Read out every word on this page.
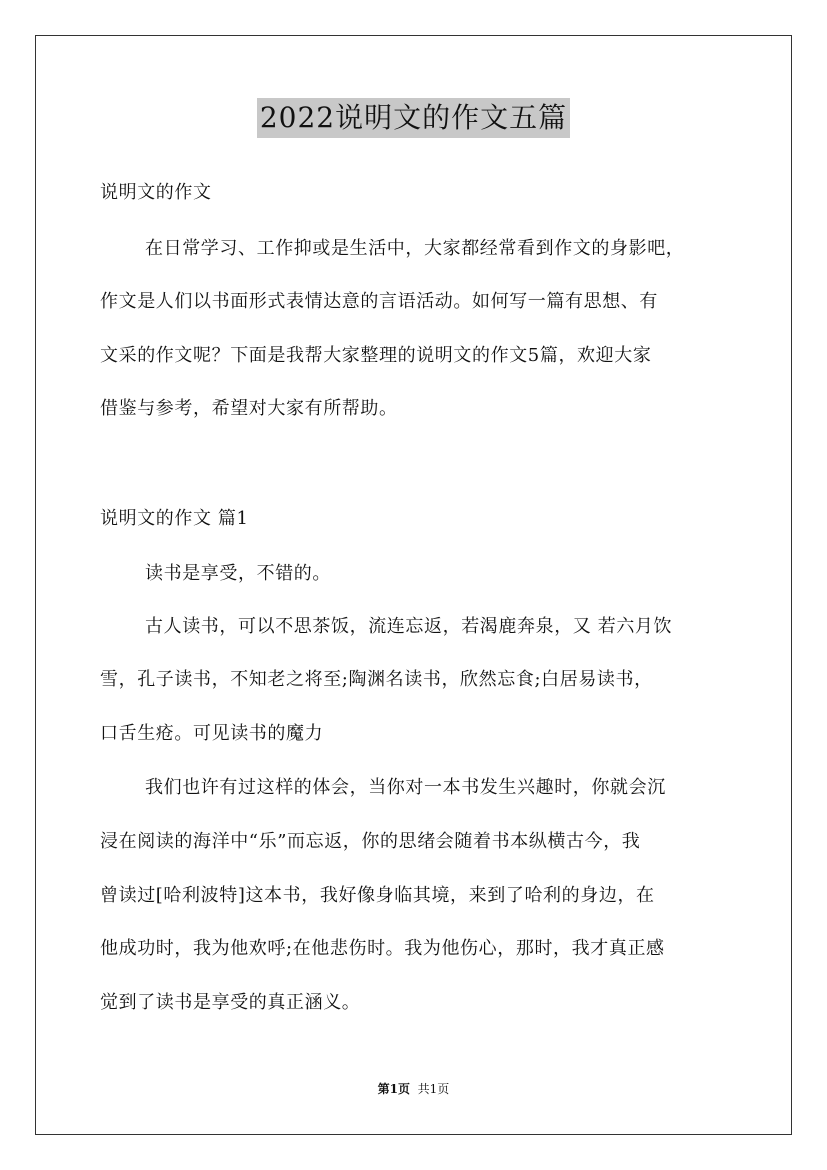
2022说明文的作文五篇
说明文的作文
在日常学习、工作抑或是生活中，大家都经常看到作文的身影吧，
作文是人们以书面形式表情达意的言语活动。如何写一篇有思想、有
文采的作文呢？下面是我帮大家整理的说明文的作文5篇，欢迎大家
借鉴与参考，希望对大家有所帮助。
说明文的作文 篇1
读书是享受，不错的。
古人读书，可以不思茶饭，流连忘返，若渴鹿奔泉，又 若六月饮
雪，孔子读书，不知老之将至;陶渊名读书，欣然忘食;白居易读书，
口舌生疮。可见读书的魔力
我们也许有过这样的体会，当你对一本书发生兴趣时，你就会沉
浸在阅读的海洋中“乐”而忘返，你的思绪会随着书本纵横古今，我
曾读过[哈利波特]这本书，我好像身临其境，来到了哈利的身边，在
他成功时，我为他欢呼;在他悲伤时。我为他伤心，那时，我才真正感
觉到了读书是享受的真正涵义。
第1页 共1页
